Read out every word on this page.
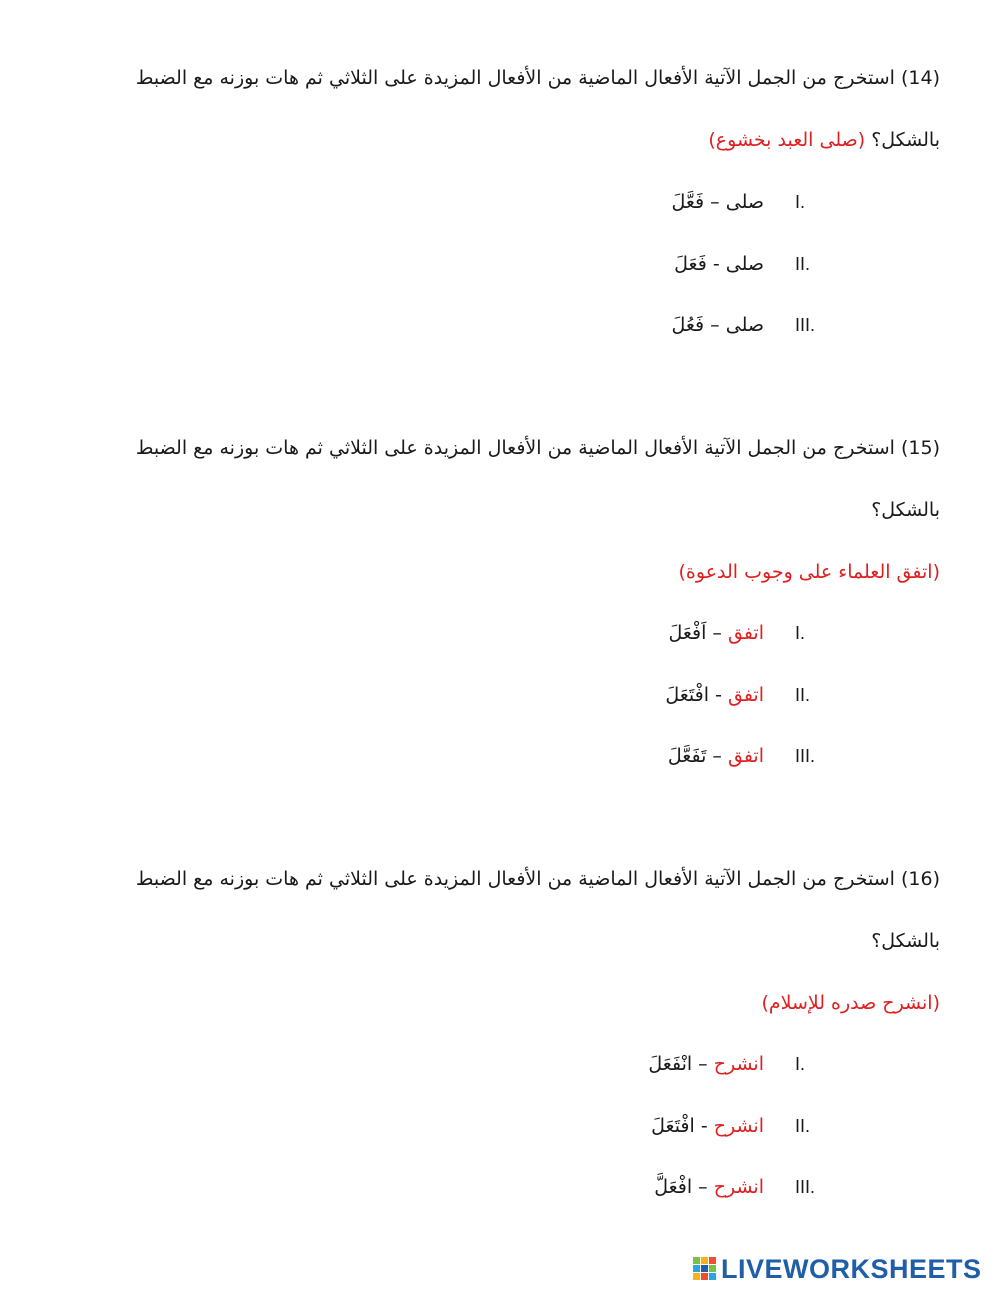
(14) استخرج من الجمل الآتية الأفعال الماضية من الأفعال المزيدة على الثلاثي ثم هات بوزنه مع الضبط
بالشكل؟ (صلى العبد بخشوع)
I.
صلى – فَعَّلَ
II.
صلى - فَعَلَ
III.
صلى – فَعُلَ
(15) استخرج من الجمل الآتية الأفعال الماضية من الأفعال المزيدة على الثلاثي ثم هات بوزنه مع الضبط
بالشكل؟
(اتفق العلماء على وجوب الدعوة)
I.
اتفق – اَفْعَلَ
II.
اتفق - افْتَعَلَ
III.
اتفق – تَفَعَّلَ
(16) استخرج من الجمل الآتية الأفعال الماضية من الأفعال المزيدة على الثلاثي ثم هات بوزنه مع الضبط
بالشكل؟
(انشرح صدره للإسلام)
I.
انشرح – انْفَعَلَ
II.
انشرح - افْتَعَلَ
III.
انشرح – افْعَلَّ
LIVEWORKSHEETS
